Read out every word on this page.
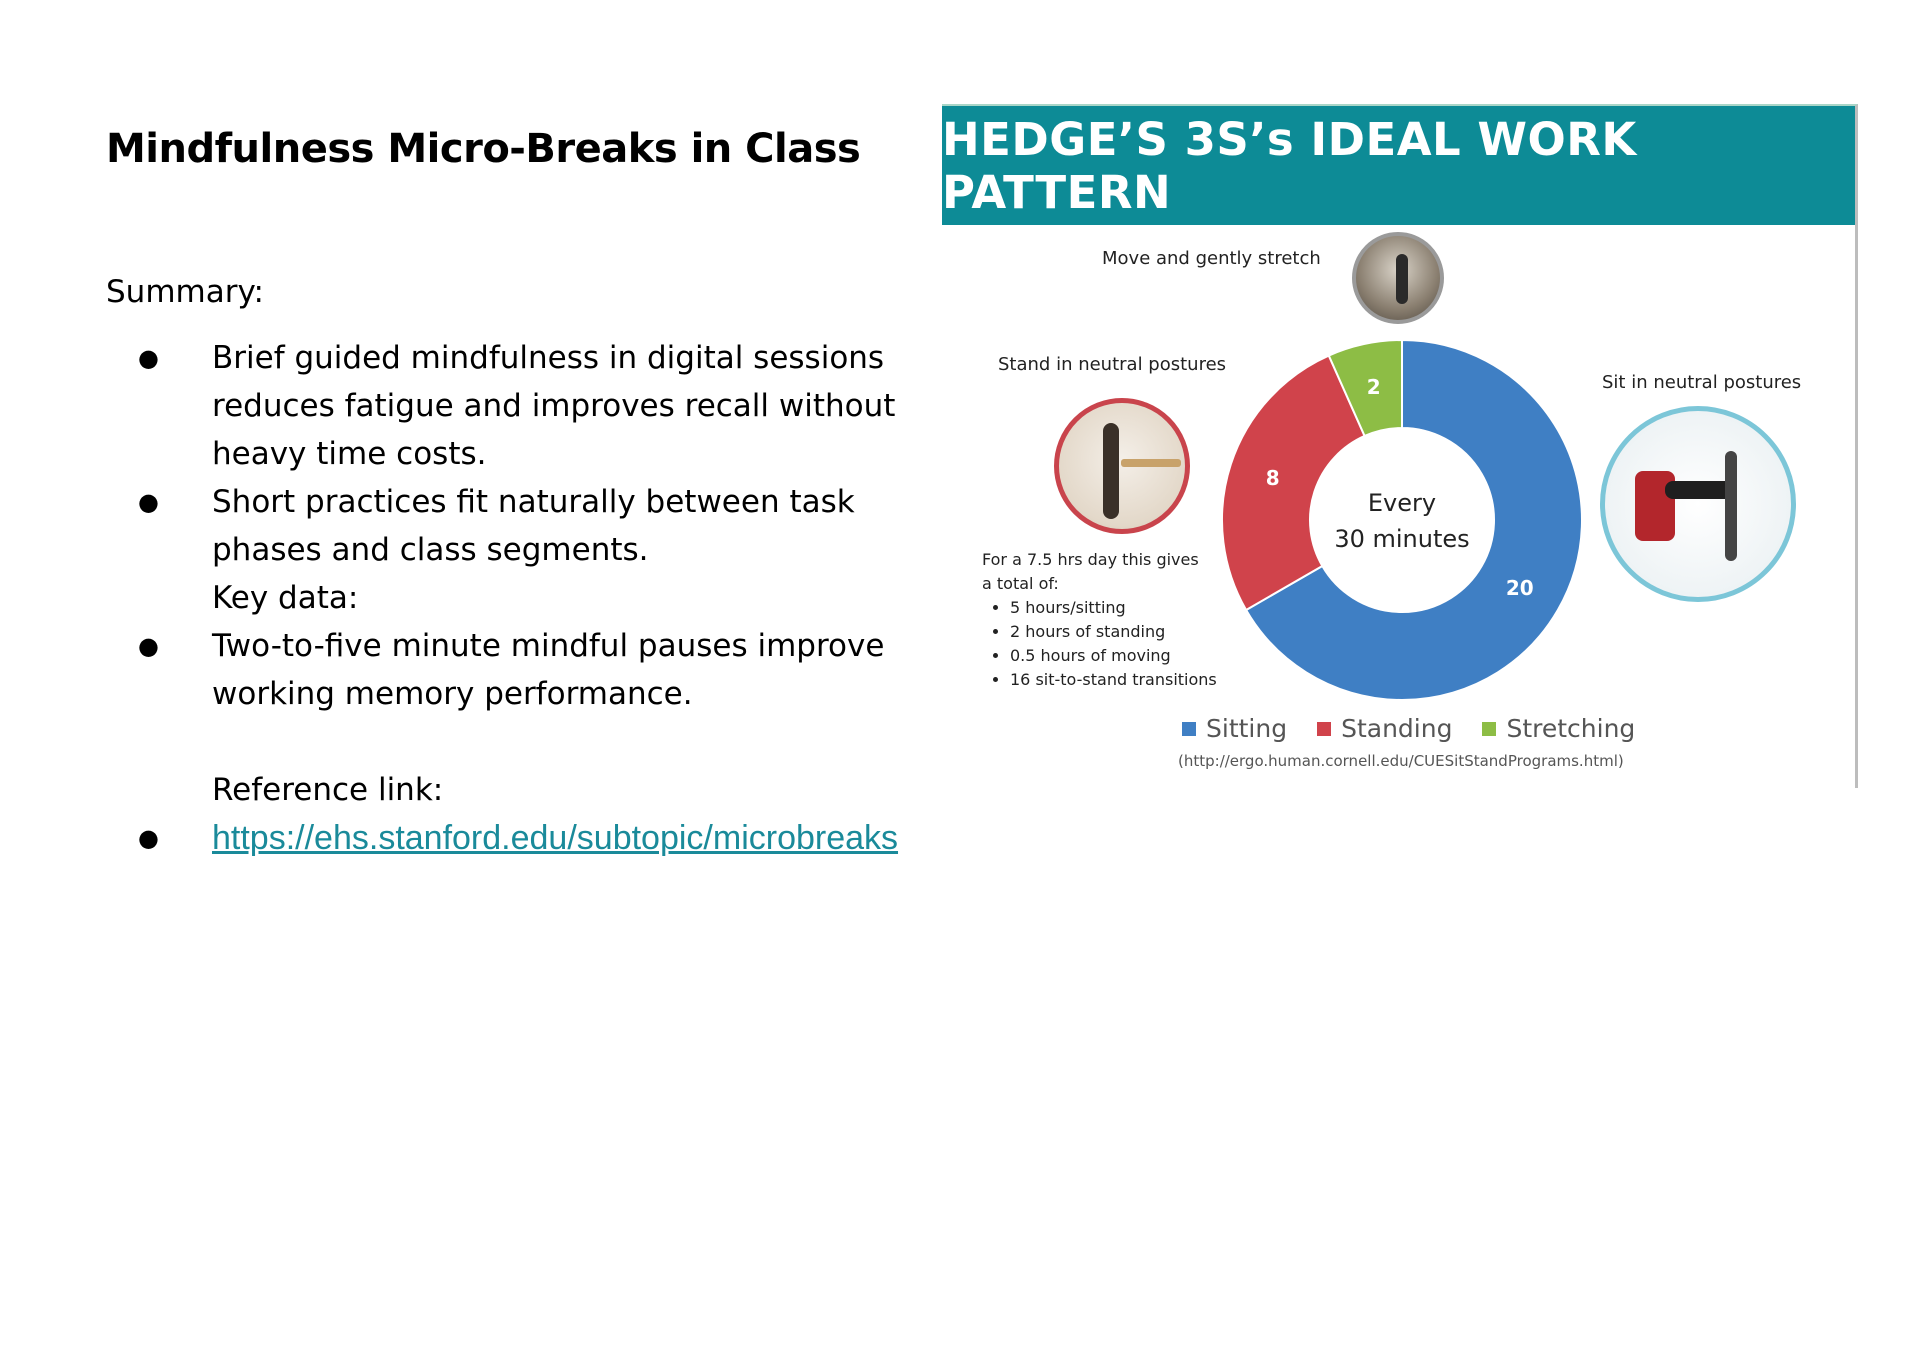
Mindfulness Micro-Breaks in Class

Summary:

● Brief guided mindfulness in digital sessions reduces fatigue and improves recall without heavy time costs.
● Short practices fit naturally between task phases and class segments.
Key data:
● Two-to-five minute mindful pauses improve working memory performance.
Reference link:
● https://ehs.stanford.edu/subtopic/microbreaks
HEDGE’S 3S’s IDEAL WORK PATTERN
Move and gently stretch
Stand in neutral postures
Sit in neutral postures
20
8
2
Every
30 minutes
For a 7.5 hrs day this gives
a total of:
• 5 hours/sitting
• 2 hours of standing
• 0.5 hours of moving
• 16 sit-to-stand transitions
Sitting Standing Stretching
(http://ergo.human.cornell.edu/CUESitStandPrograms.html)
